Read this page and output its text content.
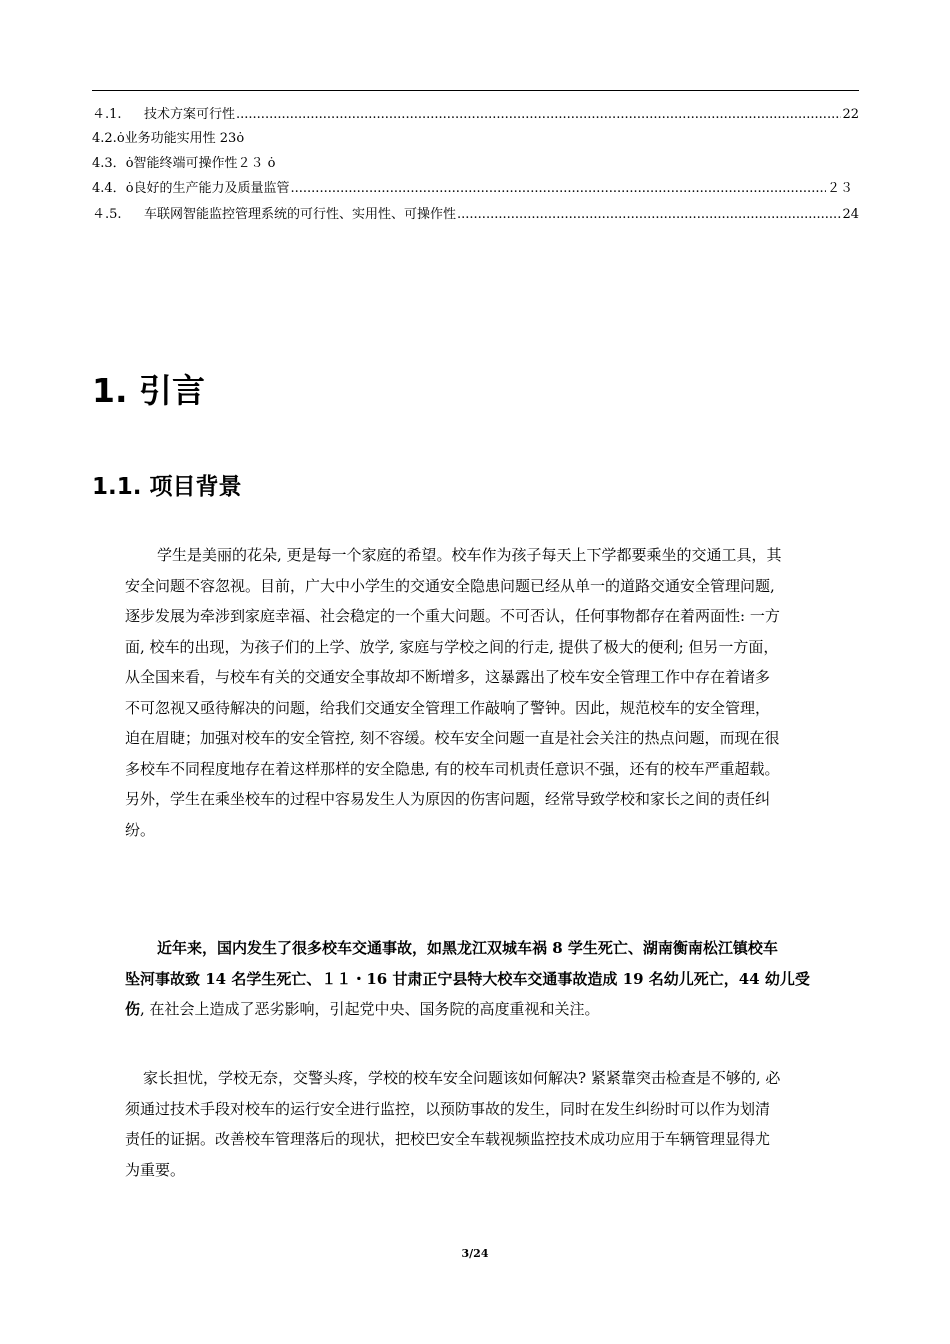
４.1.	技术方案可行性 .....	22
4.2. ȯ业务功能实用性 23ȯ
4.3． ȯ智能终端可操作性２３ ȯ
4.4． ȯ良好的生产能力及质量监管 .....	２３
４.5.	车联网智能监控管理系统的可行性、实用性、可操作性 .....	24
1. 引言
1.1. 项目背景
学生是美丽的花朵, 更是每一个家庭的希望。校车作为孩子每天上下学都要乘坐的交通工具，其
安全问题不容忽视。目前，广大中小学生的交通安全隐患问题已经从单一的道路交通安全管理问题,
逐步发展为牵涉到家庭幸福、社会稳定的一个重大问题。不可否认，任何事物都存在着两面性: 一方
面, 校车的出现，为孩子们的上学、放学, 家庭与学校之间的行走, 提供了极大的便利; 但另一方面，
从全国来看，与校车有关的交通安全事故却不断增多，这暴露出了校车安全管理工作中存在着诸多
不可忽视又亟待解决的问题，给我们交通安全管理工作敲响了警钟。因此，规范校车的安全管理，
迫在眉睫；加强对校车的安全管控, 刻不容缓。校车安全问题一直是社会关注的热点问题，而现在很
多校车不同程度地存在着这样那样的安全隐患, 有的校车司机责任意识不强，还有的校车严重超载。
另外，学生在乘坐校车的过程中容易发生人为原因的伤害问题，经常导致学校和家长之间的责任纠
纷。
近年来，国内发生了很多校车交通事故，如黑龙江双城车祸 8 学生死亡、湖南衡南松江镇校车
坠河事故致 14 名学生死亡、１１・16 甘肃正宁县特大校车交通事故造成 19 名幼儿死亡，44 幼儿受
伤, 在社会上造成了恶劣影响，引起党中央、国务院的高度重视和关注。
家长担忧，学校无奈，交警头疼，学校的校车安全问题该如何解决? 紧紧靠突击检查是不够的, 必
须通过技术手段对校车的运行安全进行监控，以预防事故的发生，同时在发生纠纷时可以作为划清
责任的证据。改善校车管理落后的现状，把校巴安全车载视频监控技术成功应用于车辆管理显得尤
为重要。
3/24
